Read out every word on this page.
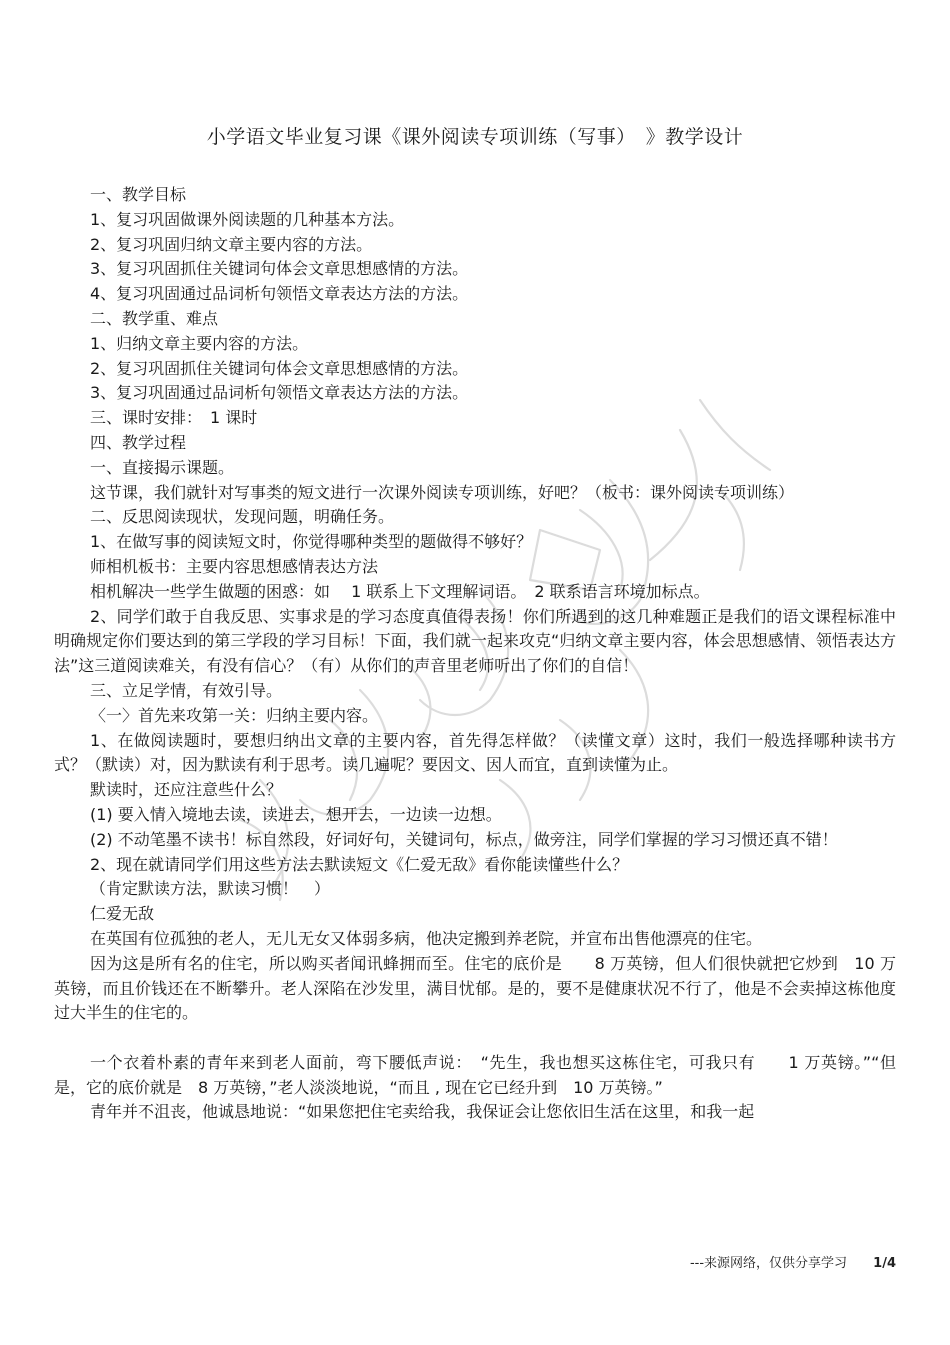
小学语文毕业复习课《课外阅读专项训练（写事）　》教学设计

一、教学目标

1、复习巩固做课外阅读题的几种基本方法。

2、复习巩固归纳文章主要内容的方法。

3、复习巩固抓住关键词句体会文章思想感情的方法。

4、复习巩固通过品词析句领悟文章表达方法的方法。

二、教学重、难点

1、归纳文章主要内容的方法。

2、复习巩固抓住关键词句体会文章思想感情的方法。

3、复习巩固通过品词析句领悟文章表达方法的方法。

三、课时安排：　1 课时

四、教学过程

一、直接揭示课题。

这节课，我们就针对写事类的短文进行一次课外阅读专项训练，好吧？（板书：课外阅读专项训练）

二、反思阅读现状，发现问题，明确任务。

1、在做写事的阅读短文时，你觉得哪种类型的题做得不够好？

师相机板书：主要内容思想感情表达方法

相机解决一些学生做题的困惑：如　 1 联系上下文理解词语。　2 联系语言环境加标点。

2、同学们敢于自我反思、实事求是的学习态度真值得表扬！你们所遇到的这几种难题正是我们的语文课程标准中明确规定你们要达到的第三学段的学习目标！下面，我们就一起来攻克“归纳文章主要内容，体会思想感情、领悟表达方法”这三道阅读难关，有没有信心？（有）从你们的声音里老师听出了你们的自信！

三、立足学情，有效引导。

〈一〉首先来攻第一关：归纳主要内容。

1、在做阅读题时，要想归纳出文章的主要内容，首先得怎样做？（读懂文章）这时，我们一般选择哪种读书方式？（默读）对，因为默读有利于思考。读几遍呢？要因文、因人而宜，直到读懂为止。

默读时，还应注意些什么？

(1) 要入情入境地去读，读进去，想开去，一边读一边想。

(2) 不动笔墨不读书！标自然段，好词好句，关键词句，标点，做旁注，同学们掌握的学习习惯还真不错！

2、现在就请同学们用这些方法去默读短文《仁爱无敌》看你能读懂些什么？

（肯定默读方法，默读习惯！　）

仁爱无敌

在英国有位孤独的老人，无儿无女又体弱多病，他决定搬到养老院，并宣布出售他漂亮的住宅。

因为这是所有名的住宅，所以购买者闻讯蜂拥而至。住宅的底价是　　8 万英镑，但人们很快就把它炒到　10 万英镑，而且价钱还在不断攀升。老人深陷在沙发里，满目忧郁。是的，要不是健康状况不行了，他是不会卖掉这栋他度过大半生的住宅的。

一个衣着朴素的青年来到老人面前，弯下腰低声说：　“先生，我也想买这栋住宅，可我只有　　1 万英镑。”“但是，它的底价就是　8 万英镑，”老人淡淡地说，“而且 , 现在它已经升到　10 万英镑。”

青年并不沮丧，他诚恳地说：“如果您把住宅卖给我，我保证会让您依旧生活在这里，和我一起

---来源网络，仅供分享学习 1/4
